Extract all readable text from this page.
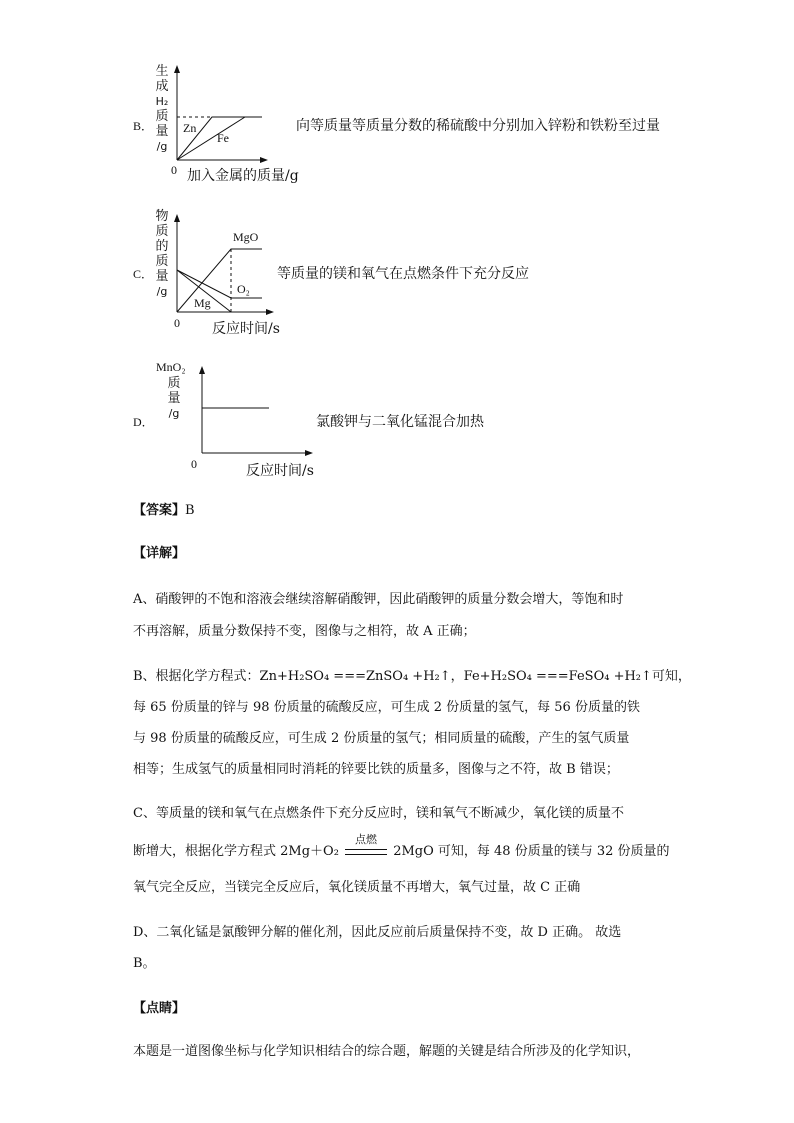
B．
生
成
H₂
质
量
/g
Zn
Fe
0 加入金属的质量/g
向等质量等质量分数的稀硫酸中分别加入锌粉和铁粉至过量
C．
物
质
的
质
量
/g
MgO
O₂
Mg
0 反应时间/s
等质量的镁和氧气在点燃条件下充分反应
D．
MnO₂
质
量
/g
0	反应时间/s
氯酸钾与二氧化锰混合加热
【答案】B
【详解】
A、硝酸钾的不饱和溶液会继续溶解硝酸钾，因此硝酸钾的质量分数会增大，等饱和时
不再溶解，质量分数保持不变，图像与之相符，故 A 正确；
B、根据化学方程式：Zn+H₂SO₄ ===ZnSO₄ +H₂↑，Fe+H₂SO₄ ===FeSO₄ +H₂↑可知，
每 65 份质量的锌与 98 份质量的硫酸反应，可生成 2 份质量的氢气，每 56 份质量的铁
与 98 份质量的硫酸反应，可生成 2 份质量的氢气；相同质量的硫酸，产生的氢气质量
相等；生成氢气的质量相同时消耗的锌要比铁的质量多，图像与之不符，故 B 错误；
C、等质量的镁和氧气在点燃条件下充分反应时，镁和氧气不断减少，氧化镁的质量不
断增大，根据化学方程式 2Mg＋O₂
点燃
2MgO 可知，每 48 份质量的镁与 32 份质量的
氧气完全反应，当镁完全反应后，氧化镁质量不再增大，氧气过量，故 C 正确
D、二氧化锰是氯酸钾分解的催化剂，因此反应前后质量保持不变，故 D 正确。 故选
B。
【点睛】
本题是一道图像坐标与化学知识相结合的综合题，解题的关键是结合所涉及的化学知识，
